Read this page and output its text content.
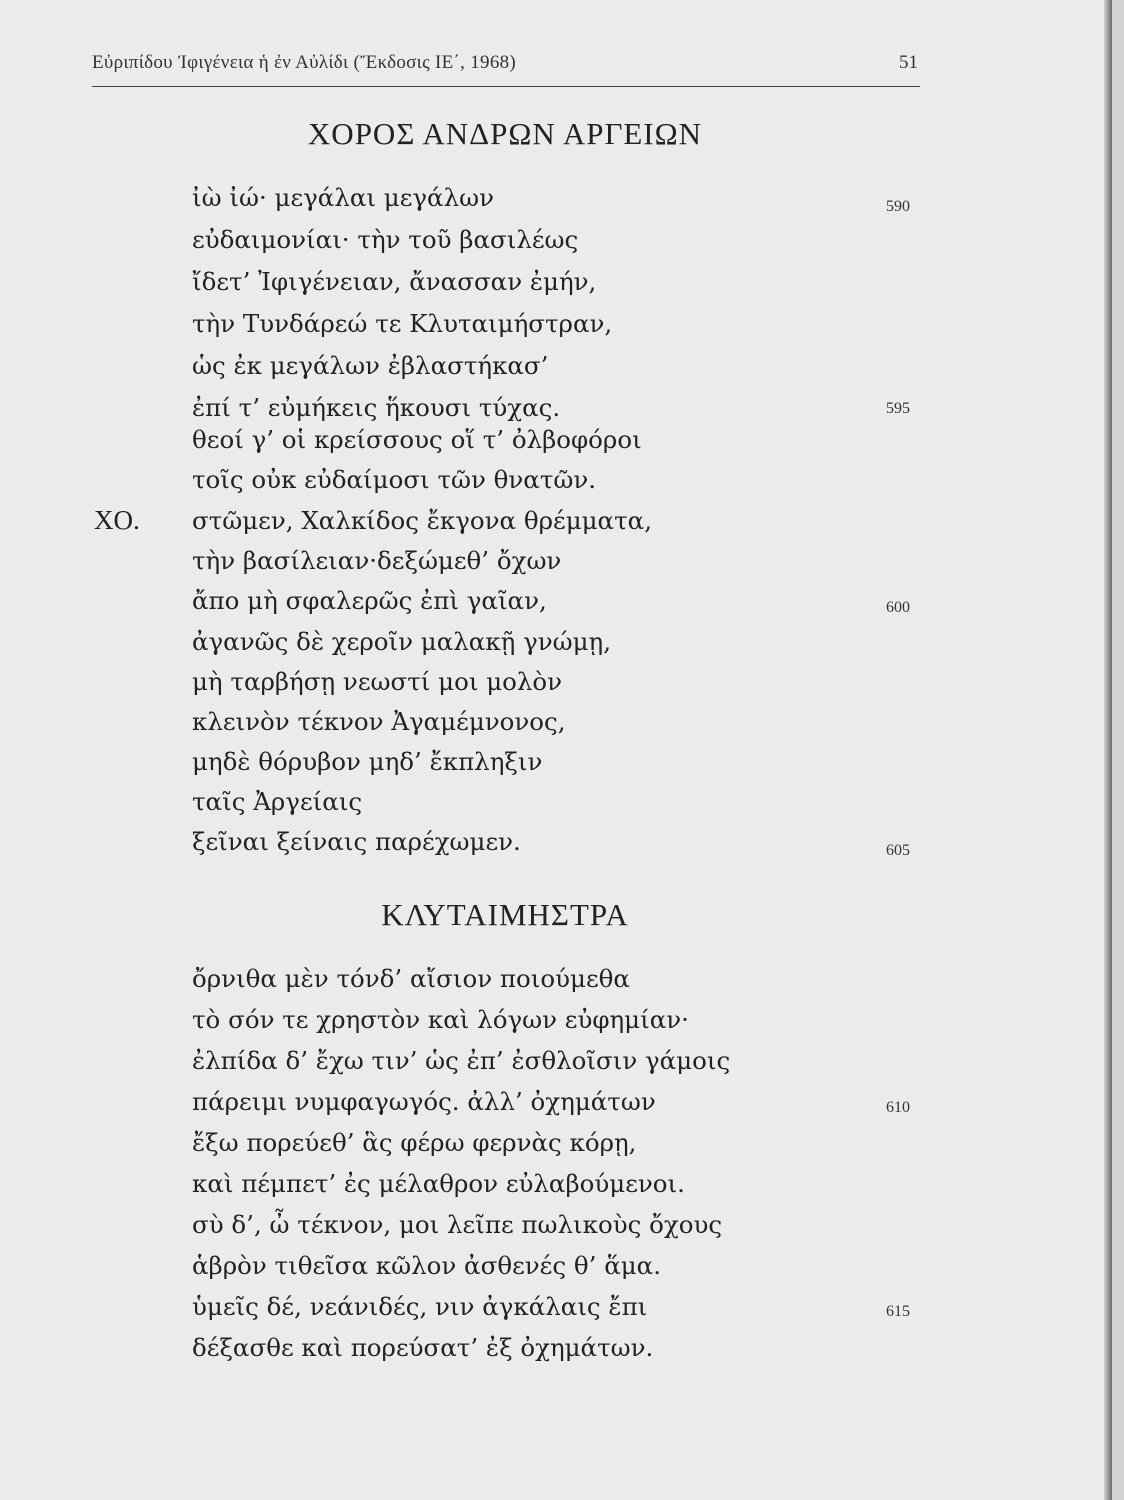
Εὐριπίδου Ἰφιγένεια ἡ ἐν Αὐλίδι (Ἔκδοσις ΙΕ΄, 1968)	51
ΧΟΡΟΣ ΑΝΔΡΩΝ ΑΡΓΕΙΩΝ
ἰὼ ἰώ· μεγάλαι μεγάλων
εὐδαιμονίαι· τὴν τοῦ βασιλέως
ἴδετ’ Ἰφιγένειαν, ἄνασσαν ἐμήν,
τὴν Τυνδάρεώ τε Κλυταιμήστραν,
ὡς ἐκ μεγάλων ἐβλαστήκασ’
ἐπί τ’ εὐμήκεις ἥκουσι τύχας.
θεοί γ’ οἱ κρείσσους οἵ τ’ ὀλβοφόροι
τοῖς οὐκ εὐδαίμοσι τῶν θνατῶν.
ΧΟ. στῶμεν, Χαλκίδος ἔκγονα θρέμματα,
τὴν βασίλειαν·δεξώμεθ’ ὄχων
ἄπο μὴ σφαλερῶς ἐπὶ γαῖαν,
ἀγανῶς δὲ χεροῖν μαλακῇ γνώμῃ,
μὴ ταρβήσῃ νεωστί μοι μολὸν
κλεινὸν τέκνον Ἀγαμέμνονος,
μηδὲ θόρυβον μηδ’ ἔκπληξιν
ταῖς Ἀργείαις
ξεῖναι ξείναις παρέχωμεν.
ΚΛΥΤΑΙΜΗΣΤΡΑ
ὄρνιθα μὲν τόνδ’ αἴσιον ποιούμεθα
τὸ σόν τε χρηστὸν καὶ λόγων εὐφημίαν·
ἐλπίδα δ’ ἔχω τιν’ ὡς ἐπ’ ἐσθλοῖσιν γάμοις
πάρειμι νυμφαγωγός. ἀλλ’ ὀχημάτων
ἔξω πορεύεθ’ ἃς φέρω φερνὰς κόρῃ,
καὶ πέμπετ’ ἐς μέλαθρον εὐλαβούμενοι.
σὺ δ’, ὦ τέκνον, μοι λεῖπε πωλικοὺς ὄχους
ἁβρὸν τιθεῖσα κῶλον ἀσθενές θ’ ἅμα.
ὑμεῖς δέ, νεάνιδές, νιν ἀγκάλαις ἔπι
δέξασθε καὶ πορεύσατ’ ἐξ ὀχημάτων.
590
595
600
605
610
615
